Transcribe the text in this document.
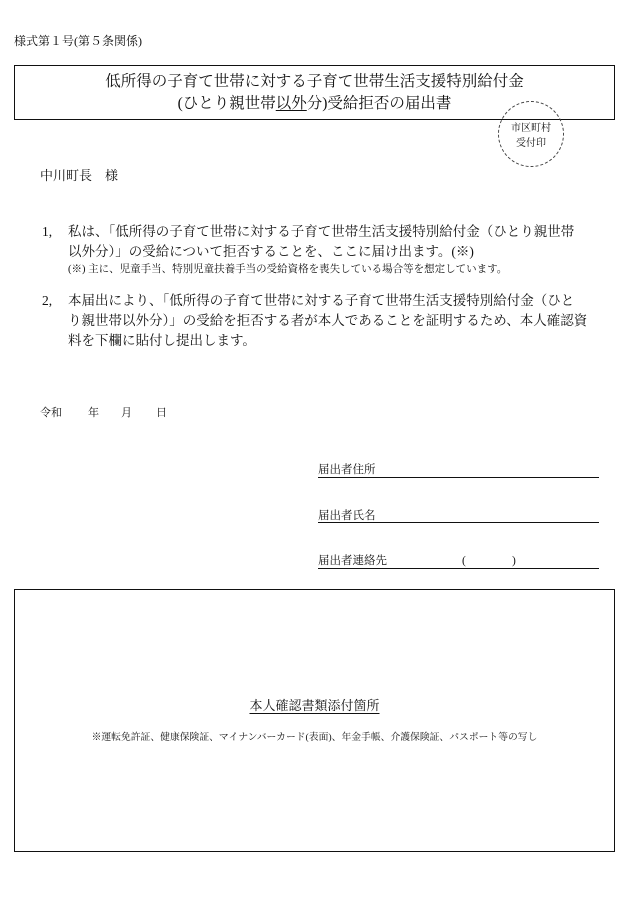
様式第１号(第５条関係)
低所得の子育て世帯に対する子育て世帯生活支援特別給付金
(ひとり親世帯以外分)受給拒否の届出書
市区町村
受付印
中川町長　様
1, 私は、「低所得の子育て世帯に対する子育て世帯生活支援特別給付金（ひとり親世帯
以外分）」の受給について拒否することを、ここに届け出ます。(※)
(※) 主に、児童手当、特別児童扶養手当の受給資格を喪失している場合等を想定しています。
2, 本届出により、「低所得の子育て世帯に対する子育て世帯生活支援特別給付金（ひと
り親世帯以外分）」の受給を拒否する者が本人であることを証明するため、本人確認資
料を下欄に貼付し提出します。
令和 年 月 日
届出者住所
届出者氏名
届出者連絡先	(	)
本人確認書類添付箇所
※運転免許証、健康保険証、マイナンバーカード(表面)、年金手帳、介護保険証、パスポート等の写し
